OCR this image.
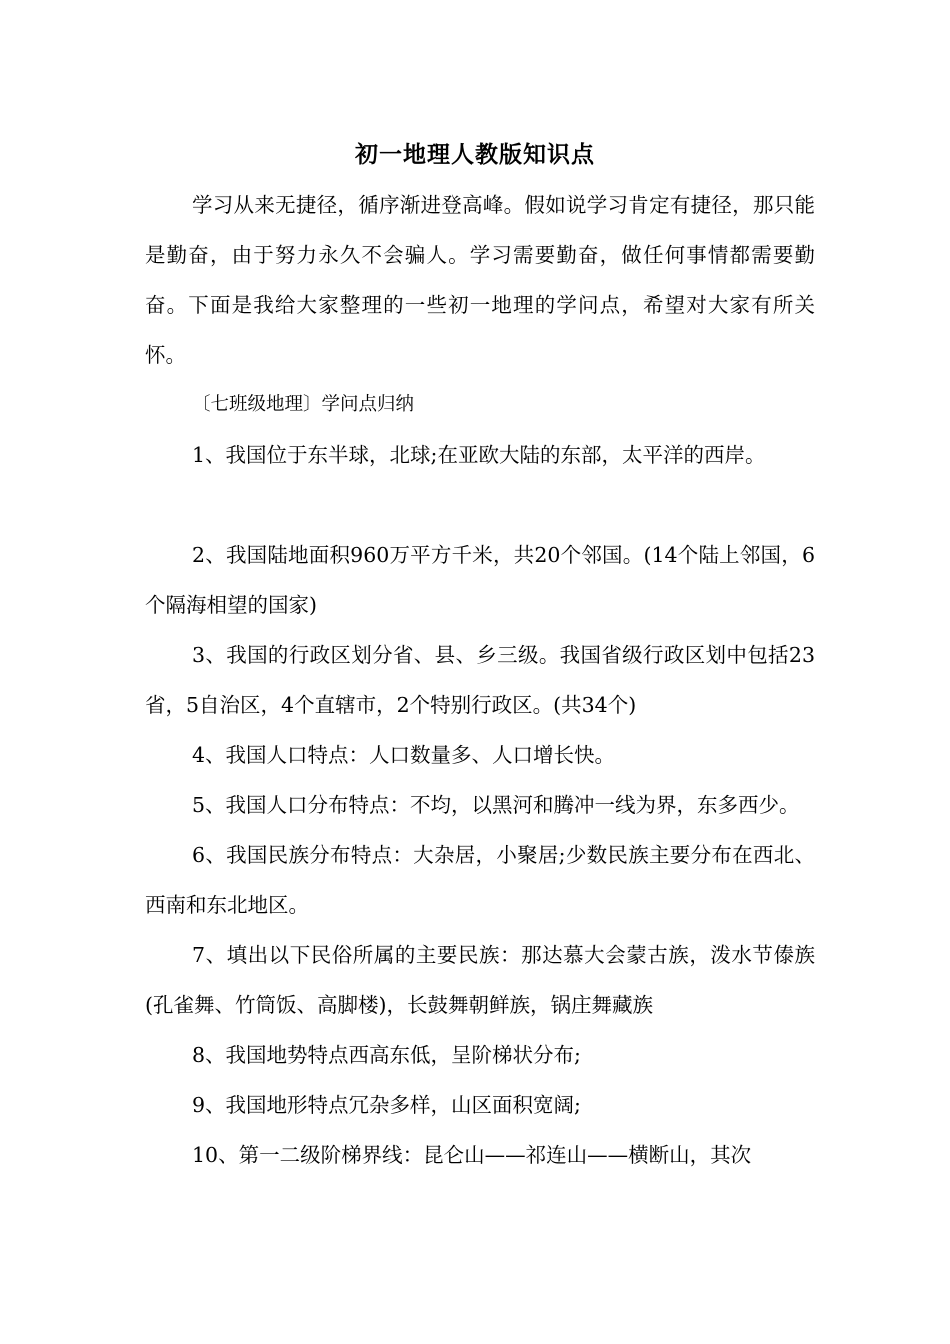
初一地理人教版知识点

学习从来无捷径，循序渐进登高峰。假如说学习肯定有捷径，那只能是勤奋，由于努力永久不会骗人。学习需要勤奋，做任何事情都需要勤奋。下面是我给大家整理的一些初一地理的学问点，希望对大家有所关怀。

〔七班级地理〕学问点归纳

1、我国位于东半球，北球;在亚欧大陆的东部，太平洋的西岸。

2、我国陆地面积960万平方千米，共20个邻国。(14个陆上邻国，6个隔海相望的国家)

3、我国的行政区划分省、县、乡三级。我国省级行政区划中包括23省，5自治区，4个直辖市，2个特别行政区。(共34个)

4、我国人口特点：人口数量多、人口增长快。

5、我国人口分布特点：不均，以黑河和腾冲一线为界，东多西少。

6、我国民族分布特点：大杂居，小聚居;少数民族主要分布在西北、西南和东北地区。

7、填出以下民俗所属的主要民族：那达慕大会蒙古族，泼水节傣族(孔雀舞、竹筒饭、高脚楼)，长鼓舞朝鲜族，锅庄舞藏族

8、我国地势特点西高东低，呈阶梯状分布;

9、我国地形特点冗杂多样，山区面积宽阔;

10、第一二级阶梯界线：昆仑山——祁连山——横断山，其次
